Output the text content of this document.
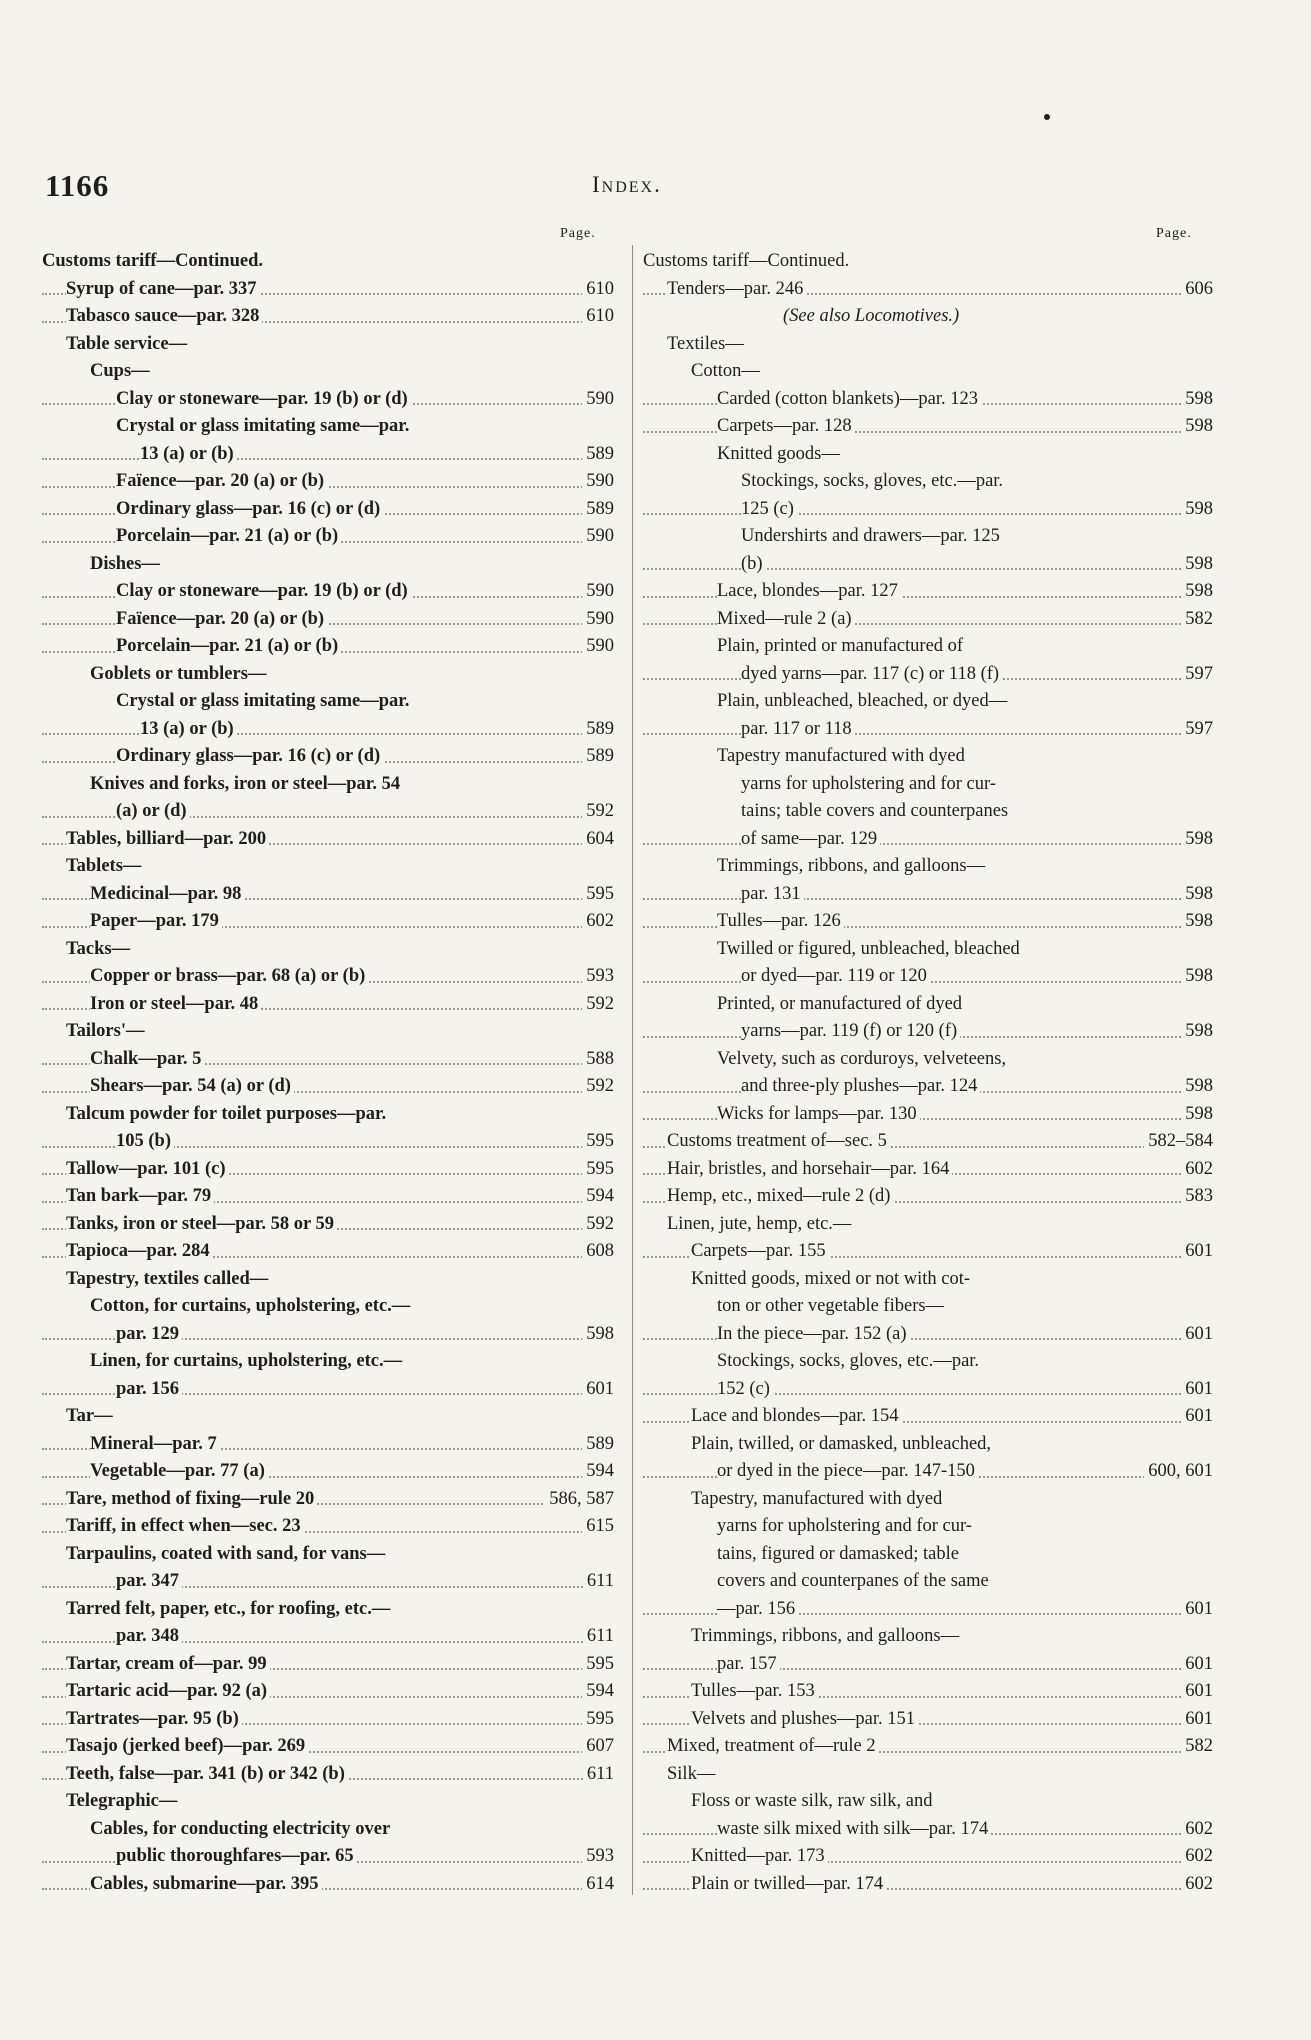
1166	Index.
Page.	Page.
Customs tariff—Continued.
Syrup of cane—par. 337	610
Tabasco sauce—par. 328	610
Table service—
Cups—
Clay or stoneware—par. 19 (b) or (d)	590
Crystal or glass imitating same—par.
13 (a) or (b)	589
Faïence—par. 20 (a) or (b)	590
Ordinary glass—par. 16 (c) or (d)	589
Porcelain—par. 21 (a) or (b)	590
Dishes—
Clay or stoneware—par. 19 (b) or (d)	590
Faïence—par. 20 (a) or (b)	590
Porcelain—par. 21 (a) or (b)	590
Goblets or tumblers—
Crystal or glass imitating same—par.
13 (a) or (b)	589
Ordinary glass—par. 16 (c) or (d)	589
Knives and forks, iron or steel—par. 54
(a) or (d)	592
Tables, billiard—par. 200	604
Tablets—
Medicinal—par. 98	595
Paper—par. 179	602
Tacks—
Copper or brass—par. 68 (a) or (b)	593
Iron or steel—par. 48	592
Tailors'—
Chalk—par. 5	588
Shears—par. 54 (a) or (d)	592
Talcum powder for toilet purposes—par.
105 (b)	595
Tallow—par. 101 (c)	595
Tan bark—par. 79	594
Tanks, iron or steel—par. 58 or 59	592
Tapioca—par. 284	608
Tapestry, textiles called—
Cotton, for curtains, upholstering, etc.—
par. 129	598
Linen, for curtains, upholstering, etc.—
par. 156	601
Tar—
Mineral—par. 7	589
Vegetable—par. 77 (a)	594
Tare, method of fixing—rule 20	586, 587
Tariff, in effect when—sec. 23	615
Tarpaulins, coated with sand, for vans—
par. 347	611
Tarred felt, paper, etc., for roofing, etc.—
par. 348	611
Tartar, cream of—par. 99	595
Tartaric acid—par. 92 (a)	594
Tartrates—par. 95 (b)	595
Tasajo (jerked beef)—par. 269	607
Teeth, false—par. 341 (b) or 342 (b)	611
Telegraphic—
Cables, for conducting electricity over
public thoroughfares—par. 65	593
Cables, submarine—par. 395	614
Customs tariff—Continued.
Tenders—par. 246	606
(See also Locomotives.)
Textiles—
Cotton—
Carded (cotton blankets)—par. 123	598
Carpets—par. 128	598
Knitted goods—
Stockings, socks, gloves, etc.—par.
125 (c)	598
Undershirts and drawers—par. 125
(b)	598
Lace, blondes—par. 127	598
Mixed—rule 2 (a)	582
Plain, printed or manufactured of
dyed yarns—par. 117 (c) or 118 (f)	597
Plain, unbleached, bleached, or dyed—
par. 117 or 118	597
Tapestry manufactured with dyed
yarns for upholstering and for cur-
tains; table covers and counterpanes
of same—par. 129	598
Trimmings, ribbons, and galloons—
par. 131	598
Tulles—par. 126	598
Twilled or figured, unbleached, bleached
or dyed—par. 119 or 120	598
Printed, or manufactured of dyed
yarns—par. 119 (f) or 120 (f)	598
Velvety, such as corduroys, velveteens,
and three-ply plushes—par. 124	598
Wicks for lamps—par. 130	598
Customs treatment of—sec. 5	582–584
Hair, bristles, and horsehair—par. 164	602
Hemp, etc., mixed—rule 2 (d)	583
Linen, jute, hemp, etc.—
Carpets—par. 155	601
Knitted goods, mixed or not with cot-
ton or other vegetable fibers—
In the piece—par. 152 (a)	601
Stockings, socks, gloves, etc.—par.
152 (c)	601
Lace and blondes—par. 154	601
Plain, twilled, or damasked, unbleached,
or dyed in the piece—par. 147-150	600, 601
Tapestry, manufactured with dyed
yarns for upholstering and for cur-
tains, figured or damasked; table
covers and counterpanes of the same
—par. 156	601
Trimmings, ribbons, and galloons—
par. 157	601
Tulles—par. 153	601
Velvets and plushes—par. 151	601
Mixed, treatment of—rule 2	582
Silk—
Floss or waste silk, raw silk, and
waste silk mixed with silk—par. 174	602
Knitted—par. 173	602
Plain or twilled—par. 174	602
